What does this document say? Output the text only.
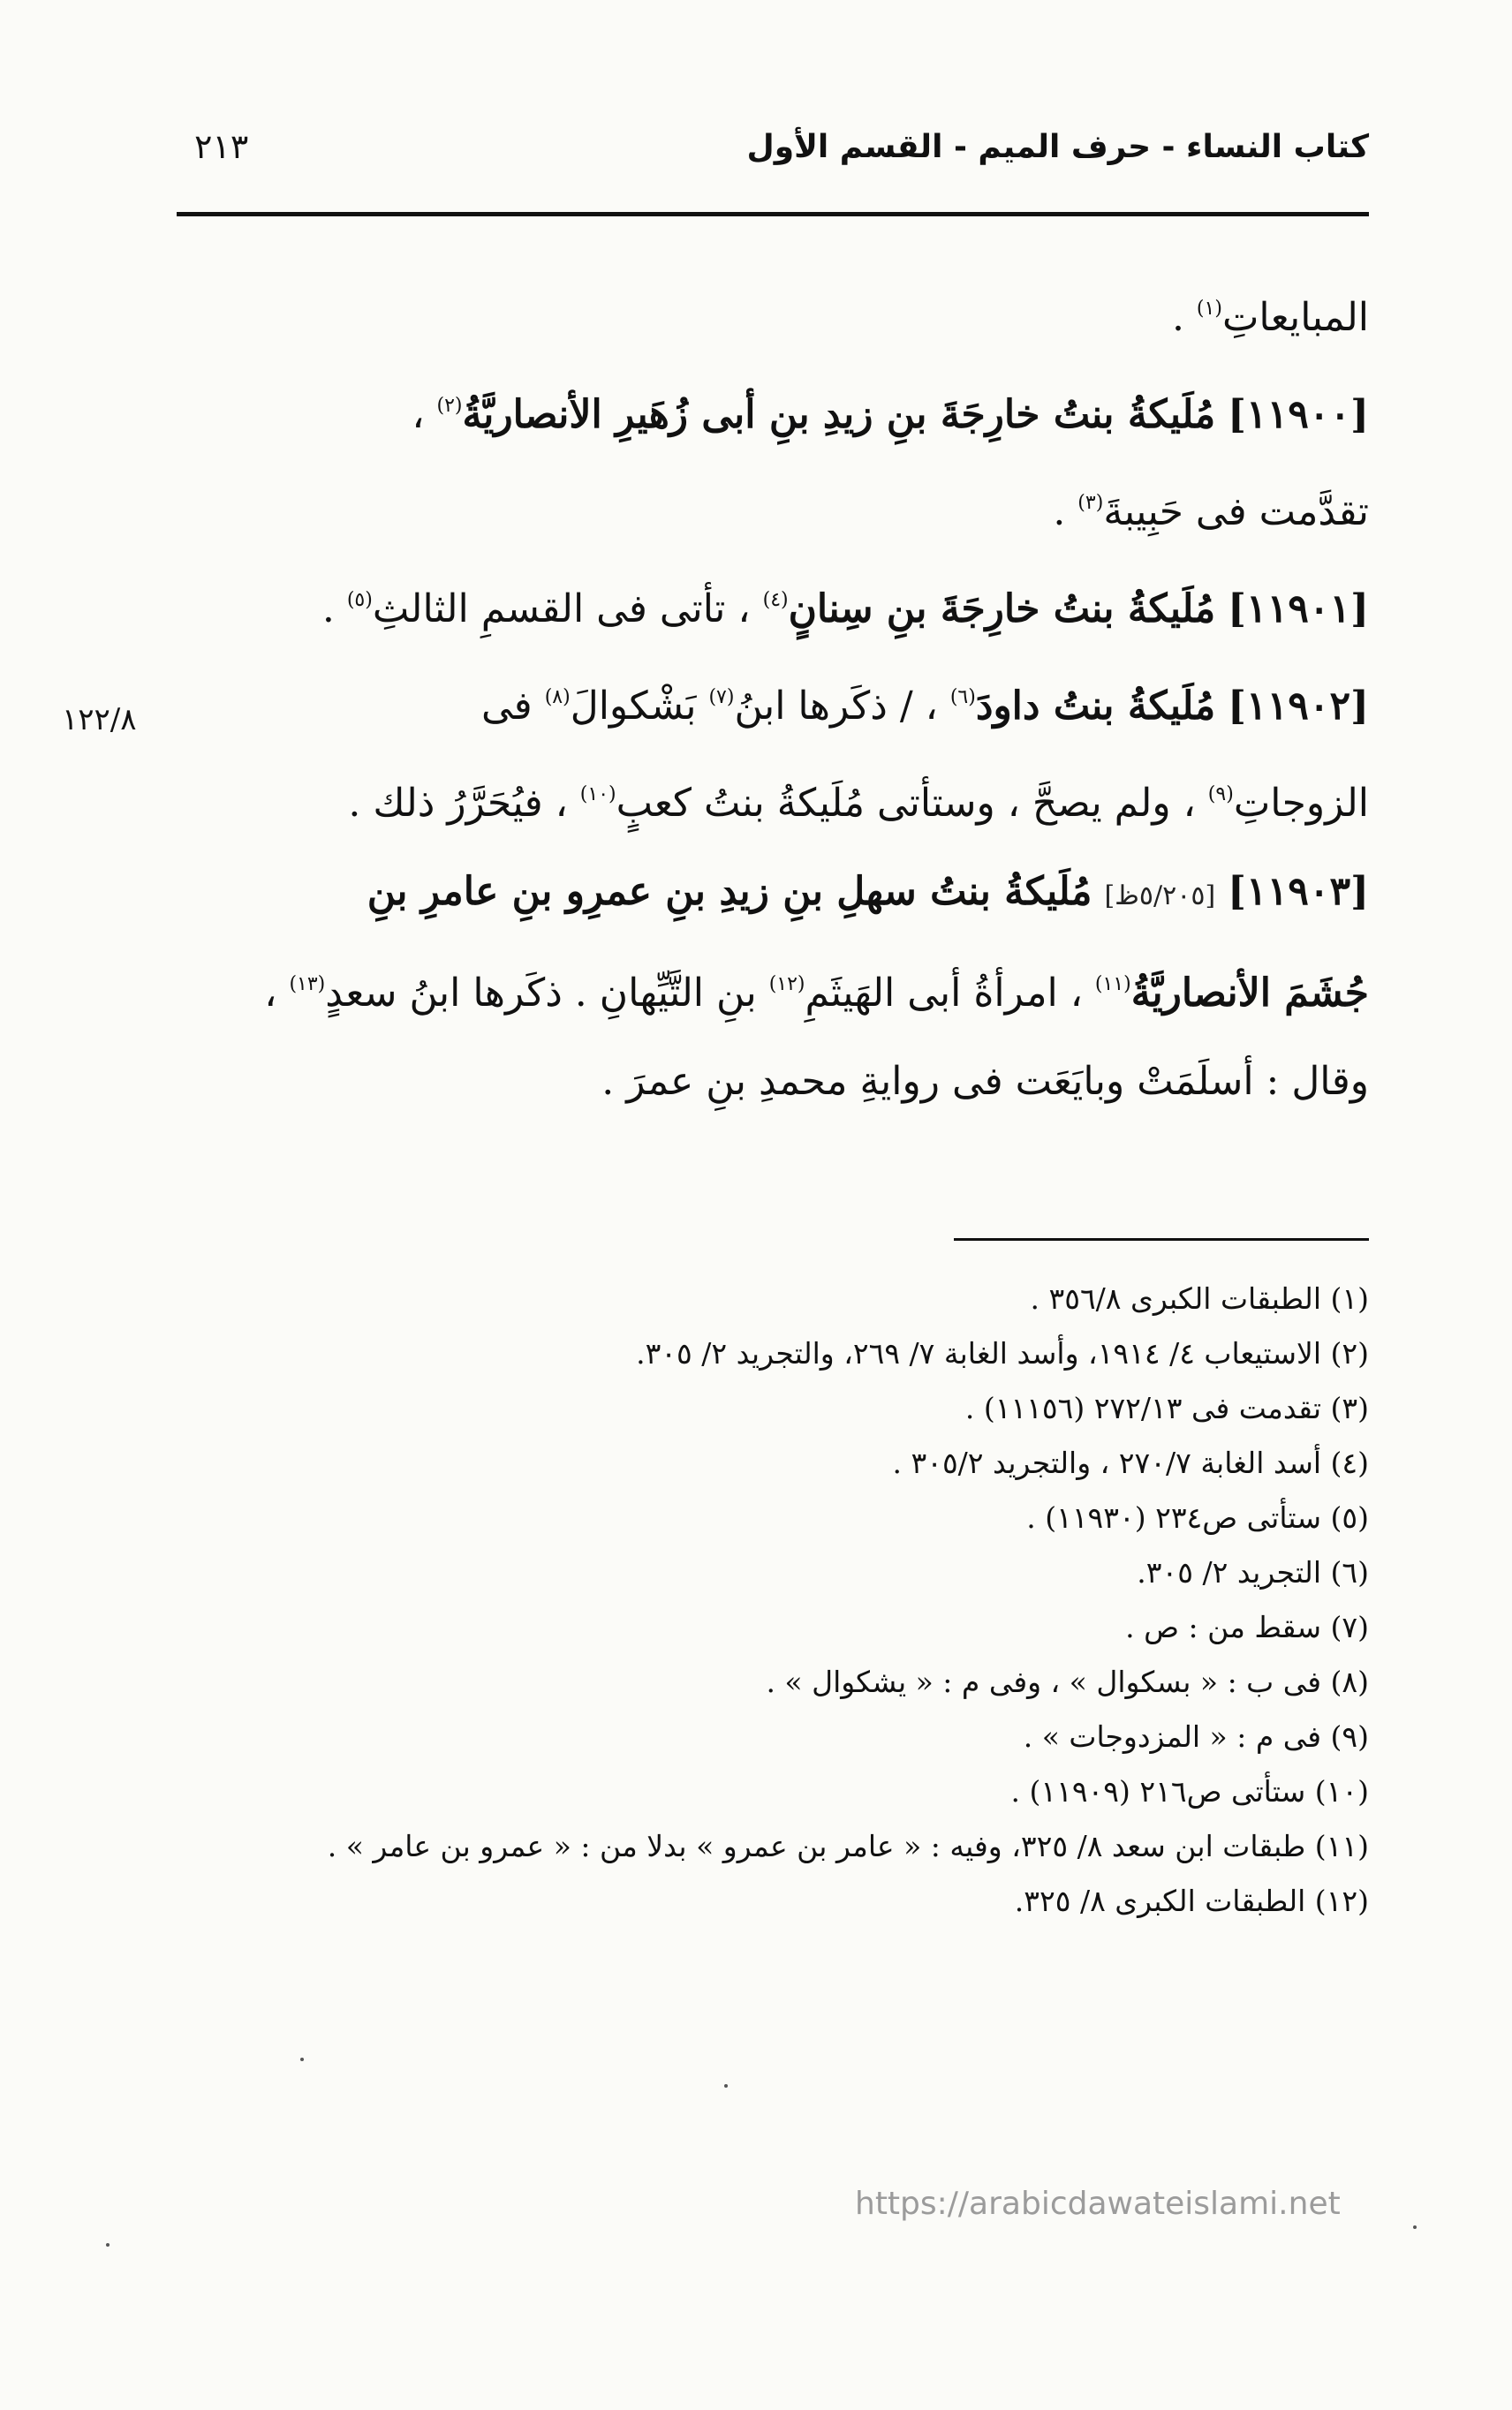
كتاب النساء - حرف الميم - القسم الأول
٢١٣

المبايعاتِ$^{(١)}$ .

[١١٩٠٠] مُلَيكةُ بنتُ خارِجَةَ بنِ زيدِ بنِ أبى زُهَيرِ الأنصاريَّةُ$^{(٢)}$ ،
تقدَّمت فى حَبِيبةَ$^{(٣)}$ .

[١١٩٠١] مُلَيكةُ بنتُ خارِجَةَ بنِ سِنانٍ$^{(٤)}$ ، تأتى فى القسمِ الثالثِ$^{(٥)}$ .

[١١٩٠٢] مُلَيكةُ بنتُ داودَ$^{(٦)}$ ، / ذكَرها ابنُ$^{(٧)}$ بَشْكوالَ$^{(٨)}$ فى
الزوجاتِ$^{(٩)}$ ، ولم يصحَّ ، وستأتى مُلَيكةُ بنتُ كعبٍ$^{(١٠)}$ ، فيُحَرَّرُ ذلك .

[١١٩٠٣] [٥/٢٠٥ظ] مُلَيكةُ بنتُ سهلِ بنِ زيدِ بنِ عمرِو بنِ عامرِ بنِ
جُشَمَ الأنصاريَّةُ$^{(١١)}$ ، امرأةُ أبى الهَيثَمِ$^{(١٢)}$ بنِ التَّيِّهانِ . ذكَرها ابنُ سعدٍ$^{(١٣)}$ ،
وقال : أسلَمَتْ وبايَعَت فى روايةِ محمدِ بنِ عمرَ .

١٢٢/٨
(١) الطبقات الكبرى ٣٥٦/٨ .
(٢) الاستيعاب ٤/ ١٩١٤، وأسد الغابة ٧/ ٢٦٩، والتجريد ٢/ ٣٠٥.
(٣) تقدمت فى ٢٧٢/١٣ (١١١٥٦) .
(٤) أسد الغابة ٢٧٠/٧ ، والتجريد ٣٠٥/٢ .
(٥) ستأتى ص٢٣٤ (١١٩٣٠) .
(٦) التجريد ٢/ ٣٠٥.
(٧) سقط من : ص .
(٨) فى ب : « بسكوال » ، وفى م : « يشكوال » .
(٩) فى م : « المزدوجات » .
(١٠) ستأتى ص٢١٦ (١١٩٠٩) .
(١١) طبقات ابن سعد ٨/ ٣٢٥، وفيه : « عامر بن عمرو » بدلا من : « عمرو بن عامر » .
(١٢) الطبقات الكبرى ٨/ ٣٢٥.
https://arabicdawateislami.net
